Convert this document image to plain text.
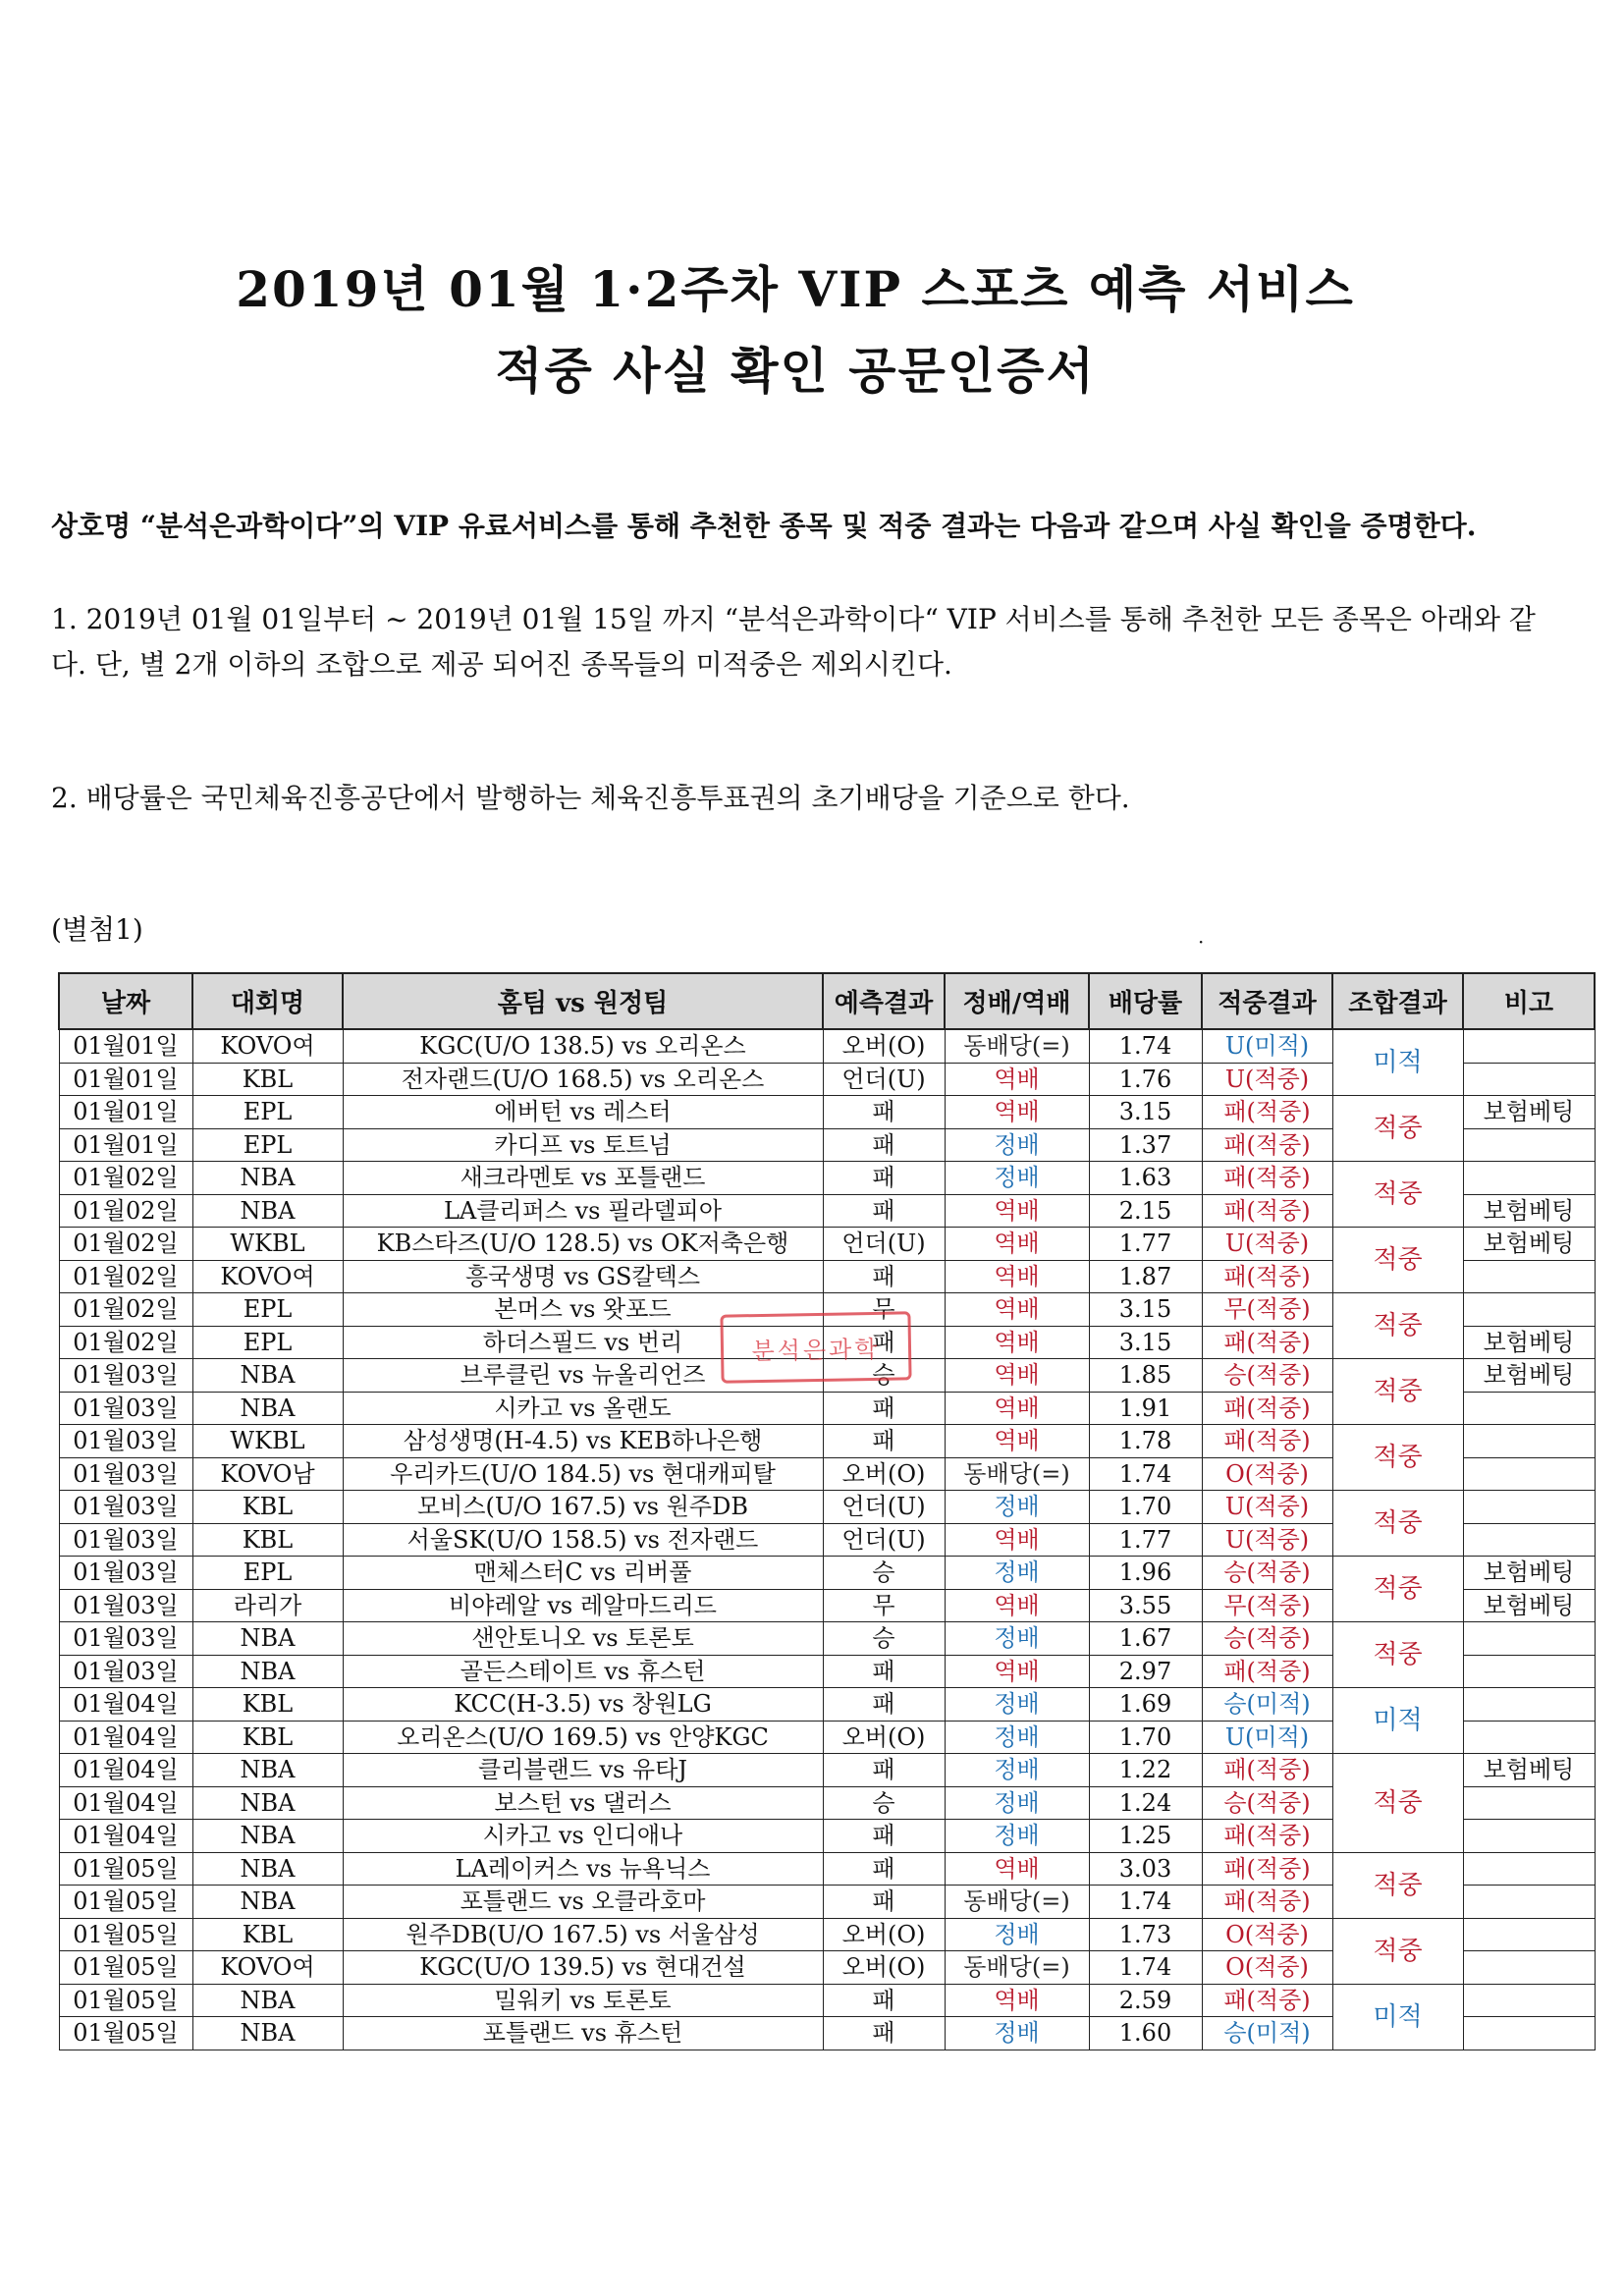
2019년 01월 1·2주차 VIP 스포츠 예측 서비스
적중 사실 확인 공문인증서
상호명 “분석은과학이다”의 VIP 유료서비스를 통해 추천한 종목 및 적중 결과는 다음과 같으며 사실 확인을 증명한다.
1. 2019년 01월 01일부터 ~ 2019년 01월 15일 까지 “분석은과학이다“ VIP 서비스를 통해 추천한 모든 종목은 아래와 같다. 단, 별 2개 이하의 조합으로 제공 되어진 종목들의 미적중은 제외시킨다.
2. 배당률은 국민체육진흥공단에서 발행하는 체육진흥투표권의 초기배당을 기준으로 한다.
(별첨1)	·
날짜	대회명	홈팀 vs 원정팀	예측결과	정배/역배	배당률	적중결과	조합결과	비고
01월01일	KOVO여	KGC(U/O 138.5) vs 오리온스	오버(O)	동배당(=)	1.74	U(미적)	미적	
01월01일	KBL	전자랜드(U/O 168.5) vs 오리온스	언더(U)	역배	1.76	U(적중)		
01월01일	EPL	에버턴 vs 레스터	패	역배	3.15	패(적중)	적중	보험베팅
01월01일	EPL	카디프 vs 토트넘	패	정배	1.37	패(적중)		
01월02일	NBA	새크라멘토 vs 포틀랜드	패	정배	1.63	패(적중)	적중	
01월02일	NBA	LA클리퍼스 vs 필라델피아	패	역배	2.15	패(적중)		보험베팅
01월02일	WKBL	KB스타즈(U/O 128.5) vs OK저축은행	언더(U)	역배	1.77	U(적중)	적중	보험베팅
01월02일	KOVO여	흥국생명 vs GS칼텍스	패	역배	1.87	패(적중)		
01월02일	EPL	본머스 vs 왓포드	무	역배	3.15	무(적중)	적중	
01월02일	EPL	하더스필드 vs 번리	패	역배	3.15	패(적중)		보험베팅
01월03일	NBA	브루클린 vs 뉴올리언즈	승	역배	1.85	승(적중)	적중	보험베팅
01월03일	NBA	시카고 vs 올랜도	패	역배	1.91	패(적중)		
01월03일	WKBL	삼성생명(H-4.5) vs KEB하나은행	패	역배	1.78	패(적중)	적중	
01월03일	KOVO남	우리카드(U/O 184.5) vs 현대캐피탈	오버(O)	동배당(=)	1.74	O(적중)		
01월03일	KBL	모비스(U/O 167.5) vs 원주DB	언더(U)	정배	1.70	U(적중)	적중	
01월03일	KBL	서울SK(U/O 158.5) vs 전자랜드	언더(U)	역배	1.77	U(적중)		
01월03일	EPL	맨체스터C vs 리버풀	승	정배	1.96	승(적중)	적중	보험베팅
01월03일	라리가	비야레알 vs 레알마드리드	무	역배	3.55	무(적중)		보험베팅
01월03일	NBA	샌안토니오 vs 토론토	승	정배	1.67	승(적중)	적중	
01월03일	NBA	골든스테이트 vs 휴스턴	패	역배	2.97	패(적중)		
01월04일	KBL	KCC(H-3.5) vs 창원LG	패	정배	1.69	승(미적)	미적	
01월04일	KBL	오리온스(U/O 169.5) vs 안양KGC	오버(O)	정배	1.70	U(미적)		
01월04일	NBA	클리블랜드 vs 유타J	패	정배	1.22	패(적중)	적중	보험베팅
01월04일	NBA	보스턴 vs 댈러스	승	정배	1.24	승(적중)		
01월04일	NBA	시카고 vs 인디애나	패	정배	1.25	패(적중)		
01월05일	NBA	LA레이커스 vs 뉴욕닉스	패	역배	3.03	패(적중)	적중	
01월05일	NBA	포틀랜드 vs 오클라호마	패	동배당(=)	1.74	패(적중)		
01월05일	KBL	원주DB(U/O 167.5) vs 서울삼성	오버(O)	정배	1.73	O(적중)	적중	
01월05일	KOVO여	KGC(U/O 139.5) vs 현대건설	오버(O)	동배당(=)	1.74	O(적중)		
01월05일	NBA	밀워키 vs 토론토	패	역배	2.59	패(적중)	미적	
01월05일	NBA	포틀랜드 vs 휴스턴	패	정배	1.60	승(미적)		
분석은과학
